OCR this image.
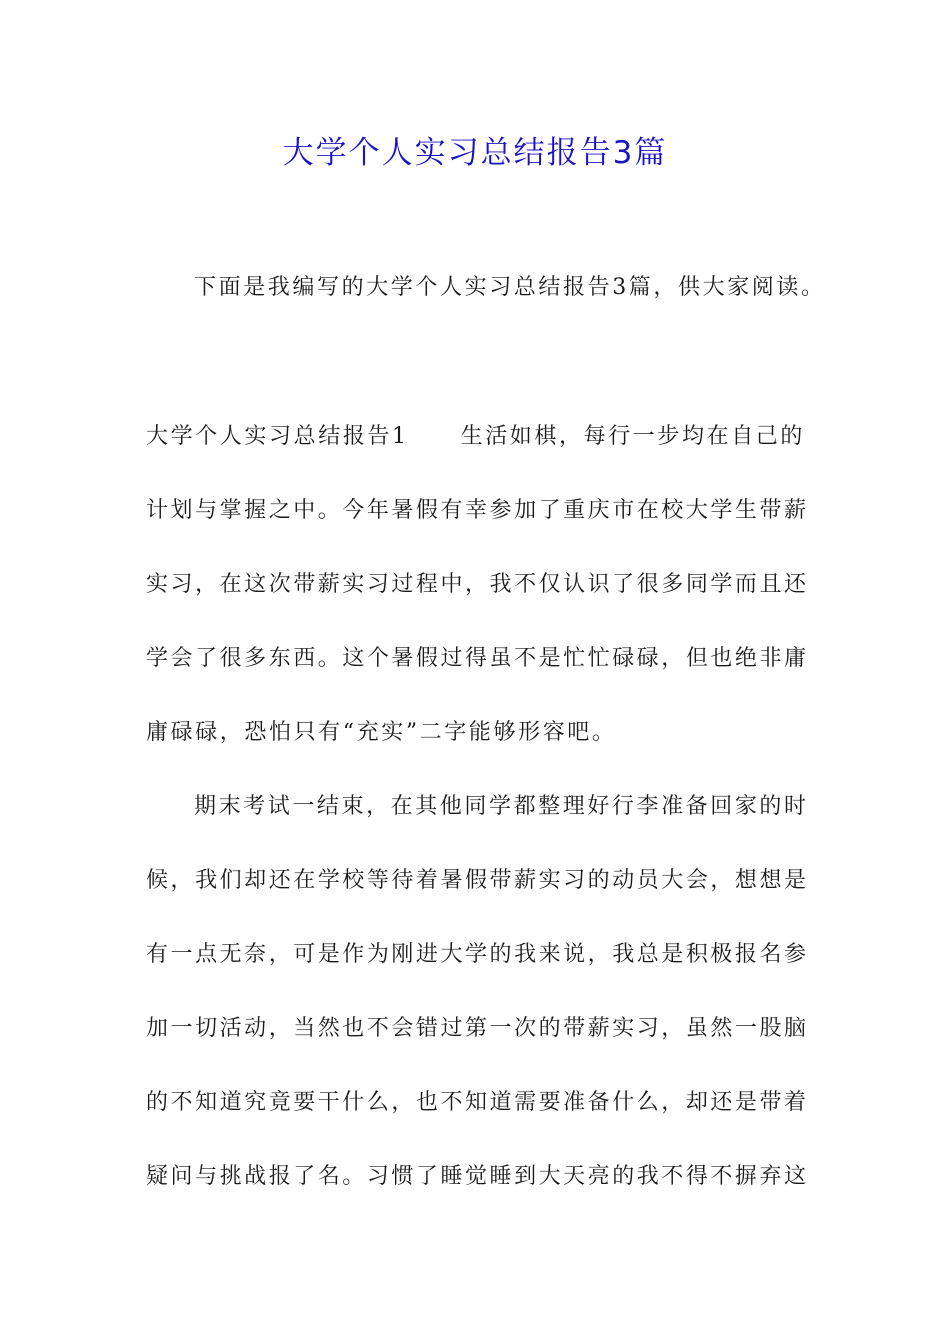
大学个人实习总结报告3篇
下面是我编写的大学个人实习总结报告3篇，供大家阅读。
大学个人实习总结报告1 生活如棋，每行一步均在自己的
计划与掌握之中。今年暑假有幸参加了重庆市在校大学生带薪
实习，在这次带薪实习过程中，我不仅认识了很多同学而且还
学会了很多东西。这个暑假过得虽不是忙忙碌碌，但也绝非庸
庸碌碌，恐怕只有“充实”二字能够形容吧。
期末考试一结束，在其他同学都整理好行李准备回家的时
候，我们却还在学校等待着暑假带薪实习的动员大会，想想是
有一点无奈，可是作为刚进大学的我来说，我总是积极报名参
加一切活动，当然也不会错过第一次的带薪实习，虽然一股脑
的不知道究竟要干什么，也不知道需要准备什么，却还是带着
疑问与挑战报了名。习惯了睡觉睡到大天亮的我不得不摒弃这
